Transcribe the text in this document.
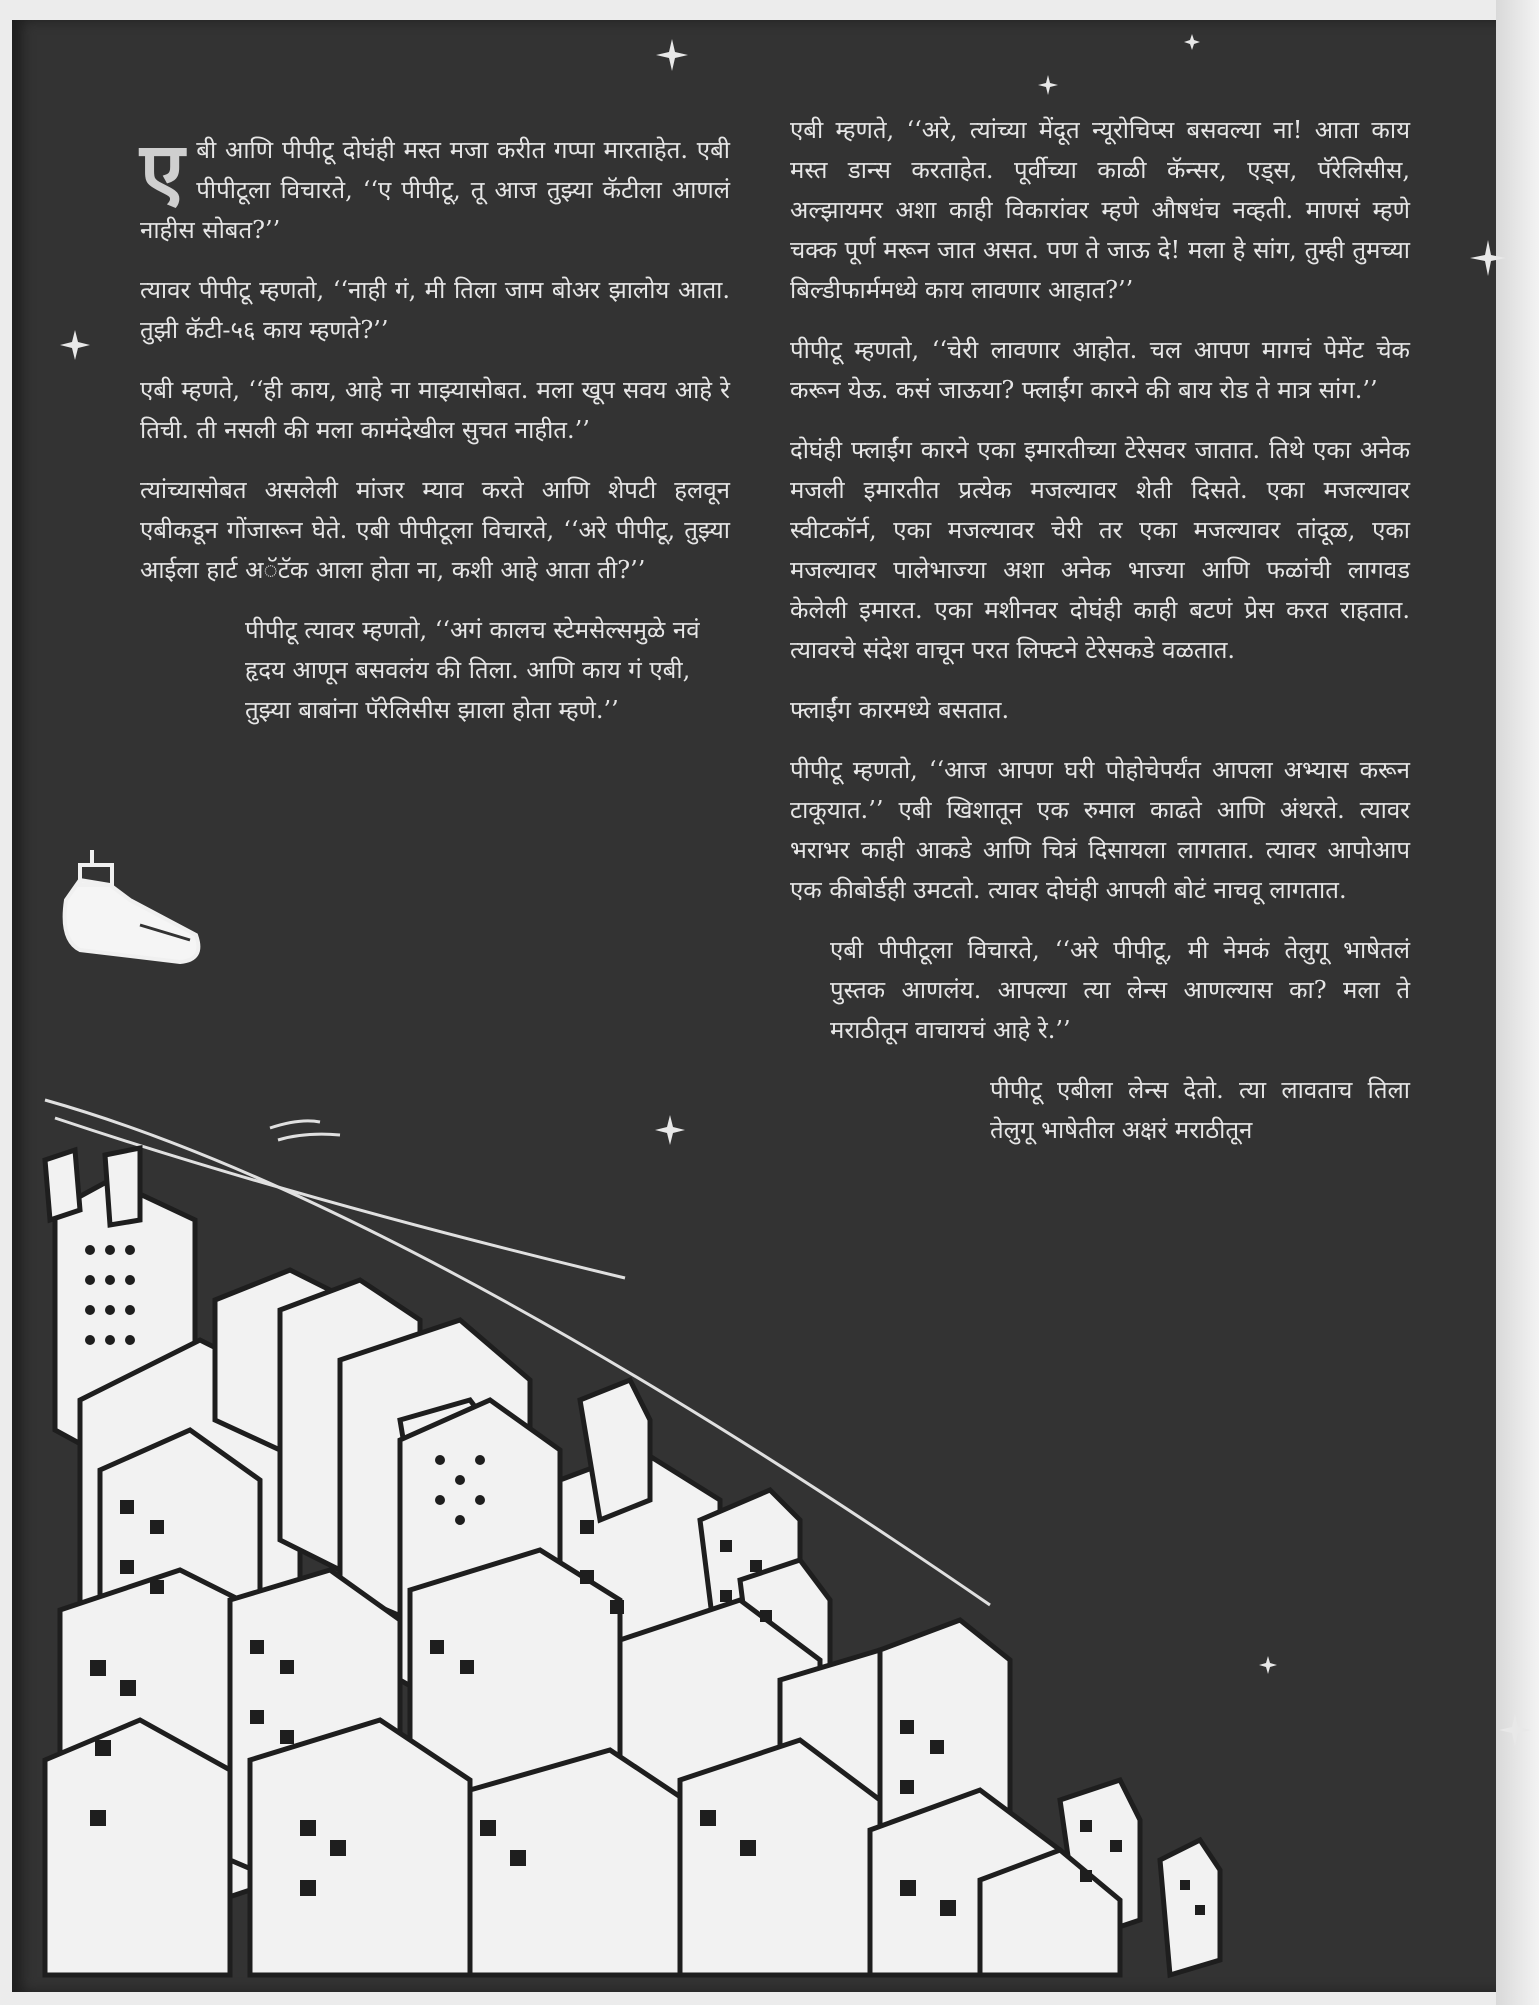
एबी आणि पीपीटू दोघंही मस्त मजा करीत गप्पा मारताहेत. एबी पीपीटूला विचारते, ‘‘ए पीपीटू, तू आज तुझ्या कॅटीला आणलं नाहीस सोबत?’’

त्यावर पीपीटू म्हणतो, ‘‘नाही गं, मी तिला जाम बोअर झालोय आता. तुझी कॅटी-५६ काय म्हणते?’’

एबी म्हणते, ‘‘ही काय, आहे ना माझ्यासोबत. मला खूप सवय आहे रे तिची. ती नसली की मला कामंदेखील सुचत नाहीत.’’

त्यांच्यासोबत असलेली मांजर म्याव करते आणि शेपटी हलवून एबीकडून गोंजारून घेते. एबी पीपीटूला विचारते, ‘‘अरे पीपीटू, तुझ्या आईला हार्ट अॅटॅक आला होता ना, कशी आहे आता ती?’’

पीपीटू त्यावर म्हणतो, ‘‘अगं कालच स्टेमसेल्समुळे नवं हृदय आणून बसवलंय की तिला. आणि काय गं एबी, तुझ्या बाबांना पॅरेलिसीस झाला होता म्हणे.’’

एबी म्हणते, ‘‘अरे, त्यांच्या मेंदूत न्यूरोचिप्स बसवल्या ना! आता काय मस्त डान्स करताहेत. पूर्वीच्या काळी कॅन्सर, एड्स, पॅरेलिसीस, अल्झायमर अशा काही विकारांवर म्हणे औषधंच नव्हती. माणसं म्हणे चक्क पूर्ण मरून जात असत. पण ते जाऊ दे! मला हे सांग, तुम्ही तुमच्या बिल्डीफार्ममध्ये काय लावणार आहात?’’

पीपीटू म्हणतो, ‘‘चेरी लावणार आहोत. चल आपण मागचं पेमेंट चेक करून येऊ. कसं जाऊया? फ्लाईंग कारने की बाय रोड ते मात्र सांग.’’

दोघंही फ्लाईंग कारने एका इमारतीच्या टेरेसवर जातात. तिथे एका अनेक मजली इमारतीत प्रत्येक मजल्यावर शेती दिसते. एका मजल्यावर स्वीटकॉर्न, एका मजल्यावर चेरी तर एका मजल्यावर तांदूळ, एका मजल्यावर पालेभाज्या अशा अनेक भाज्या आणि फळांची लागवड केलेली इमारत. एका मशीनवर दोघंही काही बटणं प्रेस करत राहतात. त्यावरचे संदेश वाचून परत लिफ्टने टेरेसकडे वळतात.

फ्लाईंग कारमध्ये बसतात.

पीपीटू म्हणतो, ‘‘आज आपण घरी पोहोचेपर्यंत आपला अभ्यास करून टाकूयात.’’ एबी खिशातून एक रुमाल काढते आणि अंथरते. त्यावर भराभर काही आकडे आणि चित्रं दिसायला लागतात. त्यावर आपोआप एक कीबोर्डही उमटतो. त्यावर दोघंही आपली बोटं नाचवू लागतात.

एबी पीपीटूला विचारते, ‘‘अरे पीपीटू, मी नेमकं तेलुगू भाषेतलं पुस्तक आणलंय. आपल्या त्या लेन्स आणल्यास का? मला ते मराठीतून वाचायचं आहे रे.’’

पीपीटू एबीला लेन्स देतो. त्या लावताच तिला तेलुगू भाषेतील अक्षरं मराठीतून
